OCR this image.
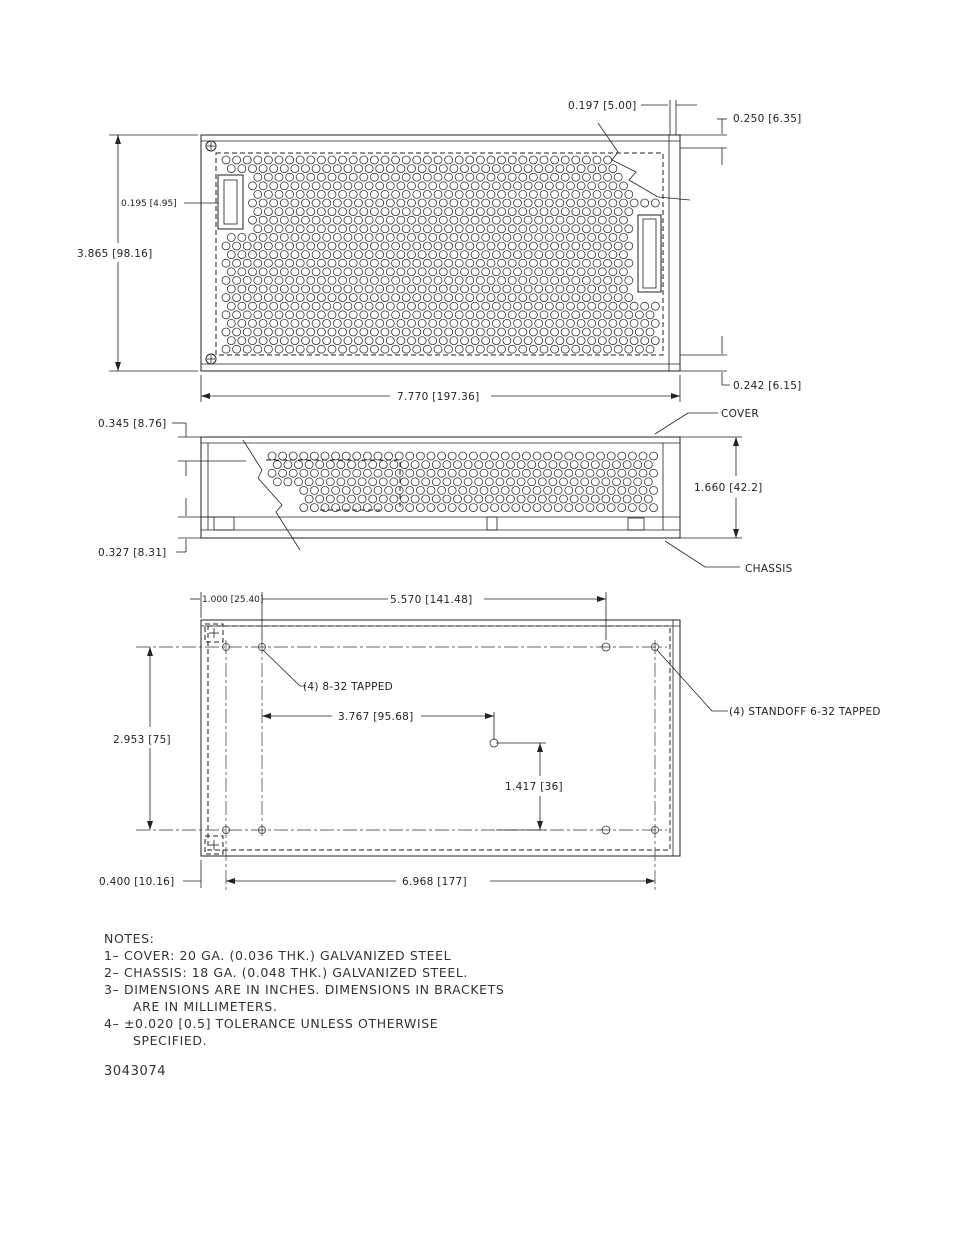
0.197 [5.00]
0.250 [6.35]
0.195 [4.95]
3.865 [98.16]
0.242 [6.15]
7.770 [197.36]
0.345 [8.76]
0.327 [8.31]
COVER
1.660 [42.2]
CHASSIS
1.000 [25.40]	5.570 [141.48]
(4) 8-32 TAPPED
(4) STANDOFF 6-32 TAPPED
2.953 [75]
3.767 [95.68]
1.417 [36]
0.400 [10.16]	6.968 [177]
NOTES:
1– COVER: 20 GA. (0.036 THK.) GALVANIZED STEEL
2– CHASSIS: 18 GA. (0.048 THK.) GALVANIZED STEEL.
3– DIMENSIONS ARE IN INCHES. DIMENSIONS IN BRACKETS
ARE IN MILLIMETERS.
4– ±0.020 [0.5] TOLERANCE UNLESS OTHERWISE
SPECIFIED.
3043074
